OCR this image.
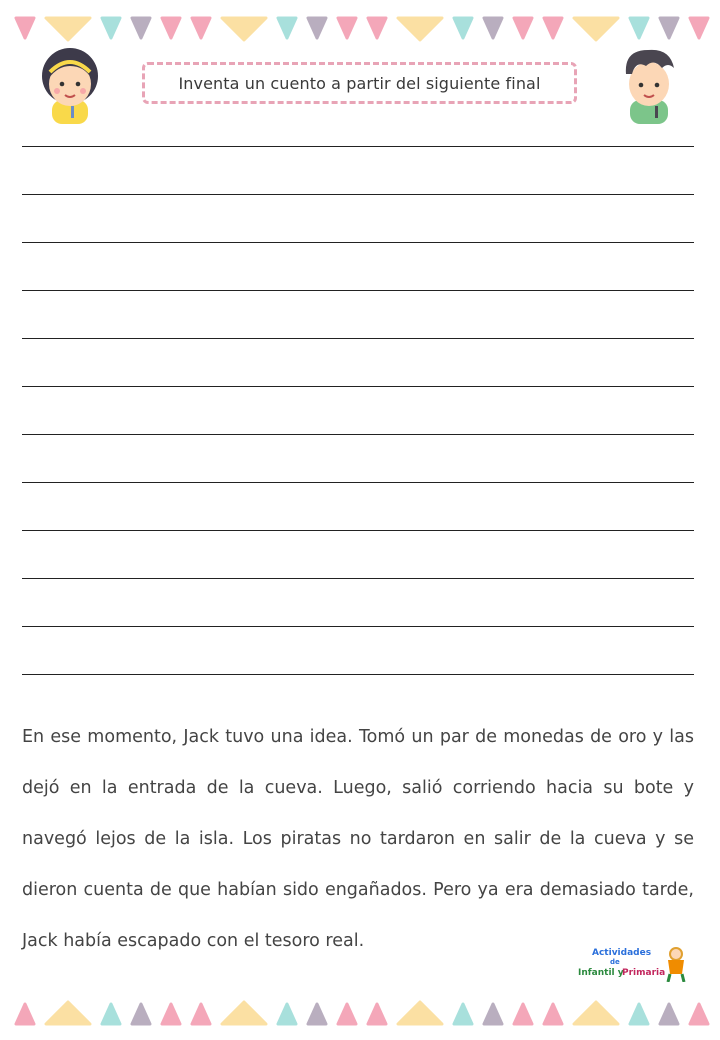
Inventa un cuento a partir del siguiente final

En ese momento, Jack tuvo una idea. Tomó un par de monedas de oro y las dejó en la entrada de la cueva. Luego, salió corriendo hacia su bote y navegó lejos de la isla. Los piratas no tardaron en salir de la cueva y se dieron cuenta de que habían sido engañados. Pero ya era demasiado tarde, Jack había escapado con el tesoro real.

Actividades
de
Infantil y
Primaria
